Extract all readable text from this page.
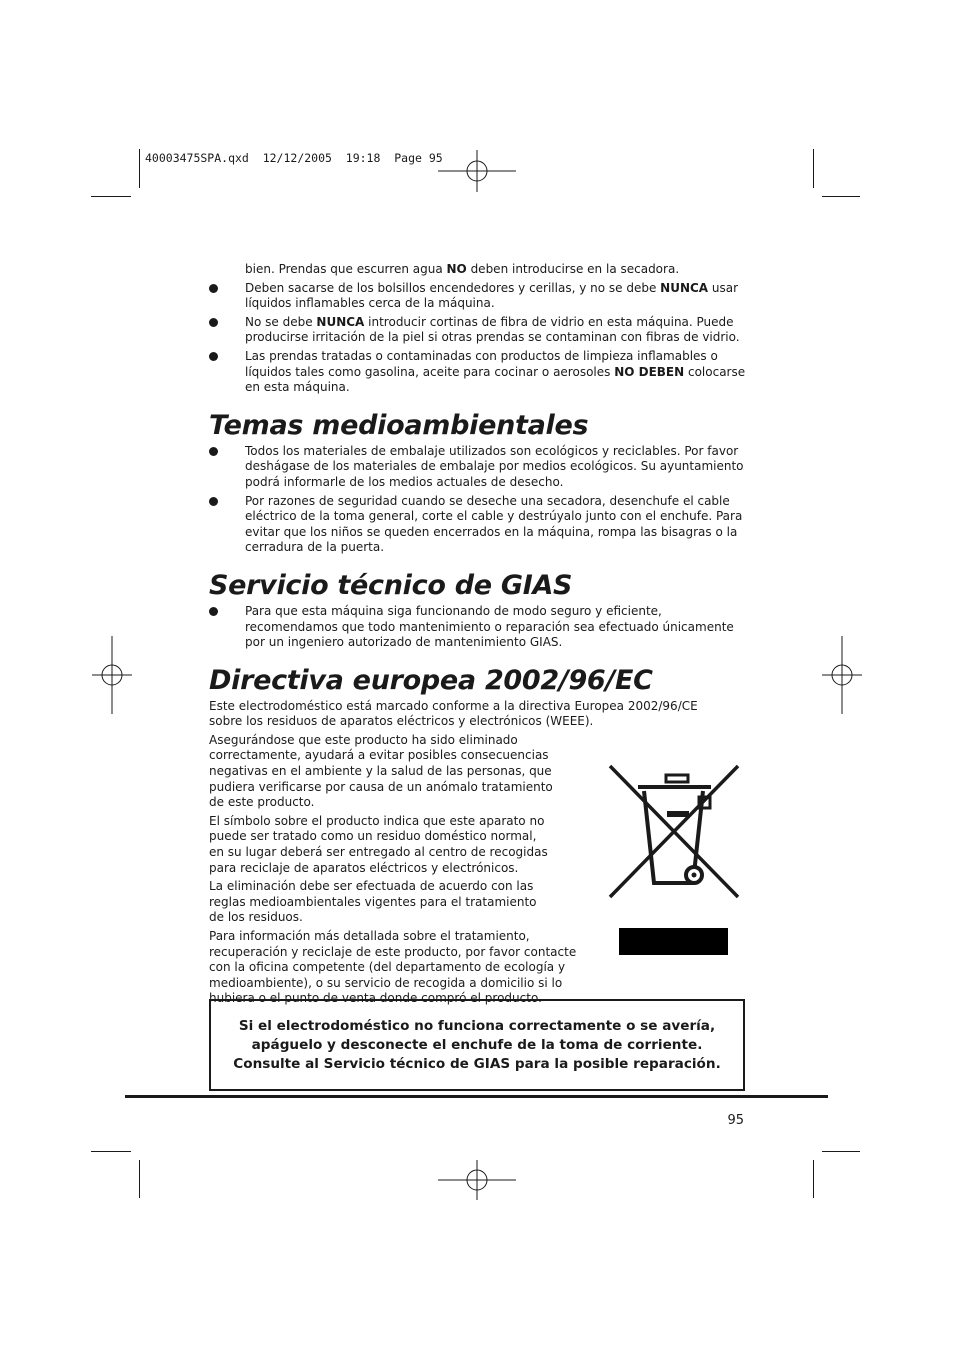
40003475SPA.qxd  12/12/2005  19:18  Page 95
bien. Prendas que escurren agua NO deben introducirse en la secadora.
Deben sacarse de los bolsillos encendedores y cerillas, y no se debe NUNCA usar líquidos inflamables cerca de la máquina.
No se debe NUNCA introducir cortinas de fibra de vidrio en esta máquina. Puede producirse irritación de la piel si otras prendas se contaminan con fibras de vidrio.
Las prendas tratadas o contaminadas con productos de limpieza inflamables o líquidos tales como gasolina, aceite para cocinar o aerosoles NO DEBEN colocarse en esta máquina.
Temas medioambientales
Todos los materiales de embalaje utilizados son ecológicos y reciclables. Por favor deshágase de los materiales de embalaje por medios ecológicos. Su ayuntamiento podrá informarle de los medios actuales de desecho.
Por razones de seguridad cuando se deseche una secadora, desenchufe el cable eléctrico de la toma general, corte el cable y destrúyalo junto con el enchufe. Para evitar que los niños se queden encerrados en la máquina, rompa las bisagras o la cerradura de la puerta.
Servicio técnico de GIAS
Para que esta máquina siga funcionando de modo seguro y eficiente, recomendamos que todo mantenimiento o reparación sea efectuado únicamente por un ingeniero autorizado de mantenimiento GIAS.
Directiva europea 2002/96/EC

Este electrodoméstico está marcado conforme a la directiva Europea 2002/96/CE sobre los residuos de aparatos eléctricos y electrónicos (WEEE).

Asegurándose que este producto ha sido eliminado correctamente, ayudará a evitar posibles consecuencias negativas en el ambiente y la salud de las personas, que pudiera verificarse por causa de un anómalo tratamiento de este producto.

El símbolo sobre el producto indica que este aparato no puede ser tratado como un residuo doméstico normal, en su lugar deberá ser entregado al centro de recogidas para reciclaje de aparatos eléctricos y electrónicos.

La eliminación debe ser efectuada de acuerdo con las reglas medioambientales vigentes para el tratamiento de los residuos.

Para información más detallada sobre el tratamiento, recuperación y reciclaje de este producto, por favor contacte con la oficina competente (del departamento de ecología y medioambiente), o su servicio de recogida a domicilio si lo hubiera o el punto de venta donde compró el producto.

Si el electrodoméstico no funciona correctamente o se avería,
apáguelo y desconecte el enchufe de la toma de corriente.
Consulte al Servicio técnico de GIAS para la posible reparación.
95
